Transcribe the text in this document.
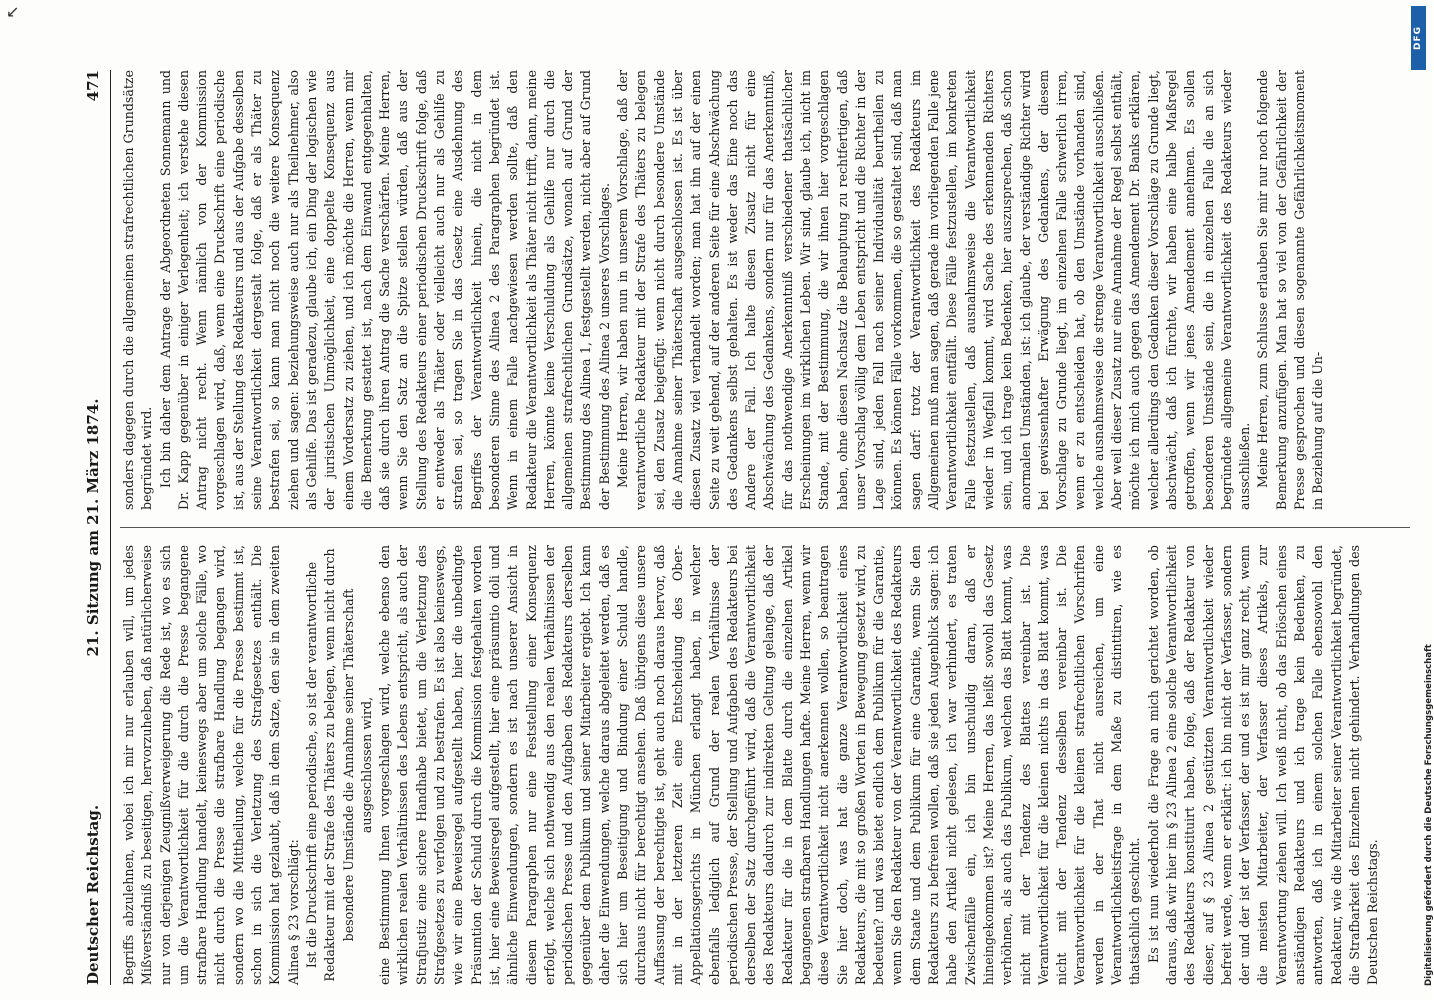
↙
Deutscher Reichstag.
21. Sitzung am 21. März 1874.
471

Begriffs abzulehnen, wobei ich mir nur erlauben will, um jedes Mißverständniß zu beseitigen, hervorzuheben, daß natürlicherweise nur von derjenigen Zeugnißverweigerung die Rede ist, wo es sich um die Verantwortlichkeit für die durch die Presse begangene strafbare Handlung handelt, keineswegs aber um solche Fälle, wo nicht durch die Presse die strafbare Handlung begangen wird, sondern wo die Mittheilung, welche für die Presse bestimmt ist, schon in sich die Verletzung des Strafgesetzes enthält. Die Kommission hat gezlaubt, daß in dem Satze, den sie in dem zweiten Alinea § 23 vorschlägt: Ist die Druckschrift eine periodische, so ist der verantwortliche Redakteur mit der Strafe des Thäters zu belegen, wenn nicht durch besondere Umstände die Annahme seiner Thäterschaft ausgeschlossen wird, eine Bestimmung Ihnen vorgeschlagen wird, welche ebenso den wirklichen realen Verhältnissen des Lebens entspricht, als auch der Strafjustiz eine sichere Handhabe bietet, um die Verletzung des Strafgesetzes zu verfolgen und zu bestrafen. Es ist also keineswegs, wie wir eine Beweisregel aufgestellt haben, hier die unbedingte Präsumtion der Schuld durch die Kommission festgehalten worden ist, hier eine Beweisregel aufgestellt, hier eine präsumtio doli und ähnliche Einwendungen, sondern es ist nach unserer Ansicht in diesem Paragraphen nur eine Feststellung einer Konsequenz erfolgt, welche sich nothwendig aus den realen Verhältnissen der periodischen Presse und den Aufgaben des Redakteurs derselben gegenüber dem Publikum und seiner Mitarbeiter ergiebt. Ich kann daher die Einwendungen, welche daraus abgeleitet werden, daß es sich hier um Beseitigung und Bindung einer Schuld handle, durchaus nicht für berechtigt ansehen. Daß übrigens diese unsere Auffassung der berechtigte ist, geht auch noch daraus hervor, daß mit in der letzteren Zeit eine Entscheidung des Ober-Appellationsgerichts in München erlangt haben, in welcher ebenfalls lediglich auf Grund der realen Verhältnisse der periodischen Presse, der Stellung und Aufgaben des Redakteurs bei derselben der Satz durchgeführt wird, daß die Verantwortlichkeit des Redakteurs dadurch zur indirekten Geltung gelange, daß der Redakteur für die in dem Blatte durch die einzelnen Artikel begangenen strafbaren Handlungen hafte. Meine Herren, wenn wir diese Verantwortlichkeit nicht anerkennen wollen, so beantragen Sie hier doch, was hat die ganze Verantwortlichkeit eines Redakteurs, die mit so großen Worten in Bewegung gesetzt wird, zu bedeuten? und was bietet endlich dem Publikum für die Garantie, wenn Sie den Redakteur von der Verantwortlichkeit des Redakteurs dem Staate und dem Publikum für eine Garantie, wenn Sie den Redakteurs zu befreien wollen, daß sie jeden Augenblick sagen: ich habe den Artikel nicht gelesen, ich war verhindert, es traten Zwischenfälle ein, ich bin unschuldig daran, daß er hineingekommen ist? Meine Herren, das heißt sowohl das Gesetz verhöhnen, als auch das Publikum, welchen das Blatt kommt, was nicht mit der Tendenz des Blattes vereinbar ist. Die Verantwortlichkeit für die kleinen nichts in das Blatt kommt, was nicht mit der Tendenz desselben vereinbar ist. Die Verantwortlichkeit für die kleinen strafrechtlichen Vorschriften werden in der That nicht ausreichen, um eine Verantwortlichkeitsfrage in dem Maße zu distinttiren, wie es thatsächlich geschicht. Es ist nun wiederholt die Frage an mich gerichtet worden, ob daraus, daß wir hier im § 23 Alinea 2 eine solche Verantwortlichkeit des Redakteurs konstituirt haben, folge, daß der Redakteur von dieser, auf § 23 Alinea 2 gestützten Verantwortlichkeit wieder befreit werde, wenn er erklärt: ich bin nicht der Verfasser, sondern der und der ist der Verfasser, der und es ist mir ganz recht, wenn die meisten Mitarbeiter, der Verfasser dieses Artikels, zur Verantwortung ziehen will. Ich weiß nicht, ob das Erlöschen eines anständigen Redakteurs und ich trage kein Bedenken, zu antworten, daß ich in einem solchen Falle ebensowohl den Redakteur, wie die Mitarbeiter seiner Verantwortlichkeit begründet, die Strafbarkeit des Einzelnen nicht gehindert. Verhandlungen des Deutschen Reichstags.

sonders dagegen durch die allgemeinen strafrechtlichen Grundsätze begründet wird. Ich bin daher dem Antrage der Abgeordneten Sonnemann und Dr. Kapp gegenüber in einiger Verlegenheit; ich verstehe diesen Antrag nicht recht. Wenn nämlich von der Kommission vorgeschlagen wird, daß, wenn eine Druckschrift eine periodische ist, aus der Stellung des Redakteurs und aus der Aufgabe desselben seine Verantwortlichkeit dergestalt folge, daß er als Thäter zu bestrafen sei, so kann man nicht noch die weitere Konsequenz ziehen und sagen: beziehungsweise auch nur als Theilnehmer, also als Gehilfe. Das ist geradezu, glaube ich, ein Ding der logischen wie der juristischen Unmöglichkeit, eine doppelte Konsequenz aus einem Vordersatz zu ziehen, und ich möchte die Herren, wenn mir die Bemerkung gestattet ist, nach dem Einwand entgegenhalten, daß sie durch ihren Antrag die Sache verschärfen. Meine Herren, wenn Sie den Satz an die Spitze stellen würden, daß aus der Stellung des Redakteurs einer periodischen Druckschrift folge, daß er entweder als Thäter oder vielleicht auch nur als Gehilfe zu strafen sei, so tragen Sie in das Gesetz eine Ausdehnung des Begriffes der Verantwortlichkeit hinein, die nicht in dem besonderen Sinne des Alinea 2 des Paragraphen begründet ist. Wenn in einem Falle nachgewiesen werden sollte, daß den Redakteur die Verantwortlichkeit als Thäter nicht trifft, dann, meine Herren, könnte keine Verschuldung als Gehilfe nur durch die allgemeinen strafrechtlichen Grundsätze, wonach auf Grund der Bestimmung des Alinea 1, festgestellt werden, nicht aber auf Grund der Bestimmung des Alinea 2 unseres Vorschlages. Meine Herren, wir haben nun in unserem Vorschlage, daß der verantwortliche Redakteur mit der Strafe des Thäters zu belegen sei, den Zusatz beigefügt: wenn nicht durch besondere Umstände die Annahme seiner Thäterschaft ausgeschlossen ist. Es ist über diesen Zusatz viel verhandelt worden; man hat ihn auf der einen Seite zu weit gehend, auf der anderen Seite für eine Abschwächung des Gedankens selbst gehalten. Es ist weder das Eine noch das Andere der Fall. Ich halte diesen Zusatz nicht für eine Abschwächung des Gedankens, sondern nur für das Anerkenntniß, für das nothwendige Anerkenntniß verschiedener thatsächlicher Erscheinungen im wirklichen Leben. Wir sind, glaube ich, nicht im Stande, mit der Bestimmung, die wir ihnen hier vorgeschlagen haben, ohne diesen Nachsatz die Behauptung zu rechtfertigen, daß unser Vorschlag völlig dem Leben entspricht und die Richter in der Lage sind, jeden Fall nach seiner Individualität beurtheilen zu können. Es können Fälle vorkommen, die so gestaltet sind, daß man sagen darf: trotz der Verantwortlichkeit des Redakteurs im Allgemeinen muß man sagen, daß gerade im vorliegenden Falle jene Verantwortlichkeit entfällt. Diese Fälle festzustellen, im konkreten Falle festzustellen, daß ausnahmsweise die Verantwortlichkeit wieder in Wegfall kommt, wird Sache des erkennenden Richters sein, und ich trage kein Bedenken, hier auszusprechen, daß schon anormalen Umständen, ist: ich glaube, der verständige Richter wird bei gewissenhafter Erwägung des Gedankens, der diesem Vorschlage zu Grunde liegt, im einzelnen Falle schwerlich irren, wenn er zu entscheiden hat, ob den Umstände vorhanden sind, welche ausnahmsweise die strenge Verantwortlichkeit ausschließen. Aber weil dieser Zusatz nur eine Annahme der Regel selbst enthält, möchte ich mich auch gegen das Amendement Dr. Banks erklären, welcher allerdings den Gedanken dieser Vorschläge zu Grunde liegt, abschwächt, daß ich fürchte, wir haben eine halbe Maßregel getroffen, wenn wir jenes Amendement annehmen. Es sollen besonderen Umstände sein, die in einzelnen Falle die an sich begründete allgemeine Verantwortlichkeit des Redakteurs wieder ausschließen. Meine Herren, zum Schlusse erlauben Sie mir nur noch folgende Bemerkung anzufügen. Man hat so viel von der Gefährlichkeit der Presse gesprochen und diesen sogenannte Gefährlichkeitsmoment in Beziehung auf die Un-

Digitalisierung gefördert durch die Deutsche Forschungsgemeinschaft
DFG
